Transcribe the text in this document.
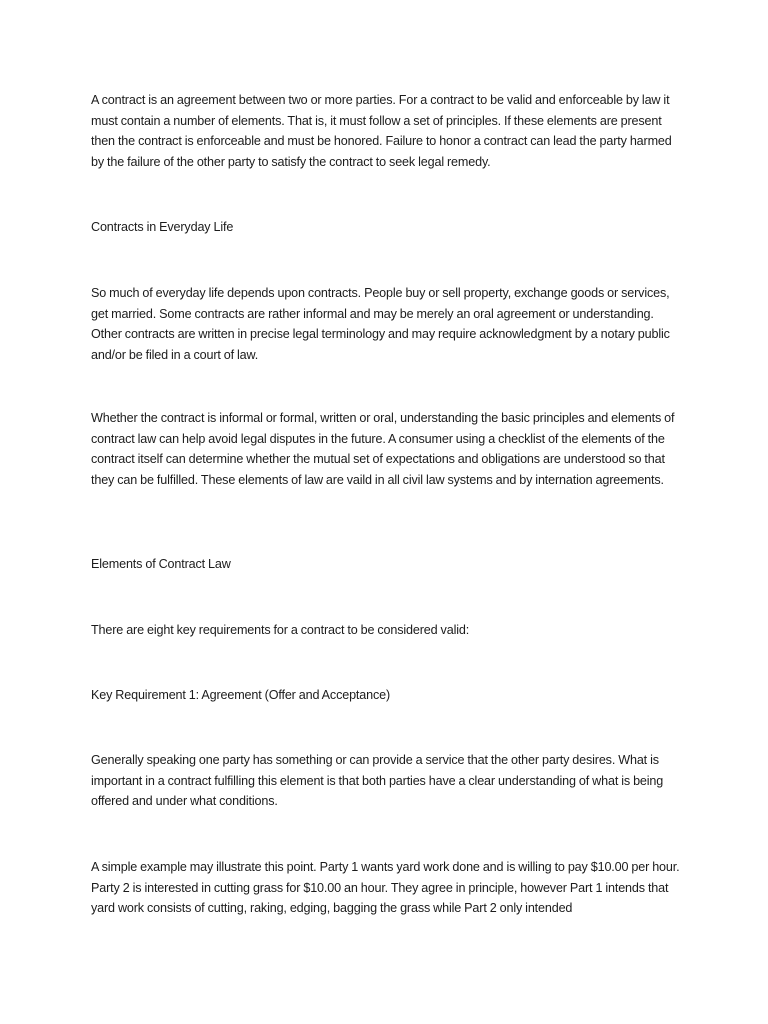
A contract is an agreement between two or more parties. For a contract to be valid and enforceable by law it must contain a number of elements. That is, it must follow a set of principles. If these elements are present then the contract is enforceable and must be honored. Failure to honor a contract can lead the party harmed by the failure of the other party to satisfy the contract to seek legal remedy.

Contracts in Everyday Life

So much of everyday life depends upon contracts. People buy or sell property, exchange goods or services, get married. Some contracts are rather informal and may be merely an oral agreement or understanding. Other contracts are written in precise legal terminology and may require acknowledgment by a notary public and/or be filed in a court of law.

Whether the contract is informal or formal, written or oral, understanding the basic principles and elements of contract law can help avoid legal disputes in the future. A consumer using a checklist of the elements of the contract itself can determine whether the mutual set of expectations and obligations are understood so that they can be fulfilled. These elements of law are vaild in all civil law systems and by internation agreements.

Elements of Contract Law

There are eight key requirements for a contract to be considered valid:

Key Requirement 1: Agreement (Offer and Acceptance)

Generally speaking one party has something or can provide a service that the other party desires. What is important in a contract fulfilling this element is that both parties have a clear understanding of what is being offered and under what conditions.

A simple example may illustrate this point. Party 1 wants yard work done and is willing to pay $10.00 per hour. Party 2 is interested in cutting grass for $10.00 an hour. They agree in principle, however Part 1 intends that yard work consists of cutting, raking, edging, bagging the grass while Part 2 only intended
